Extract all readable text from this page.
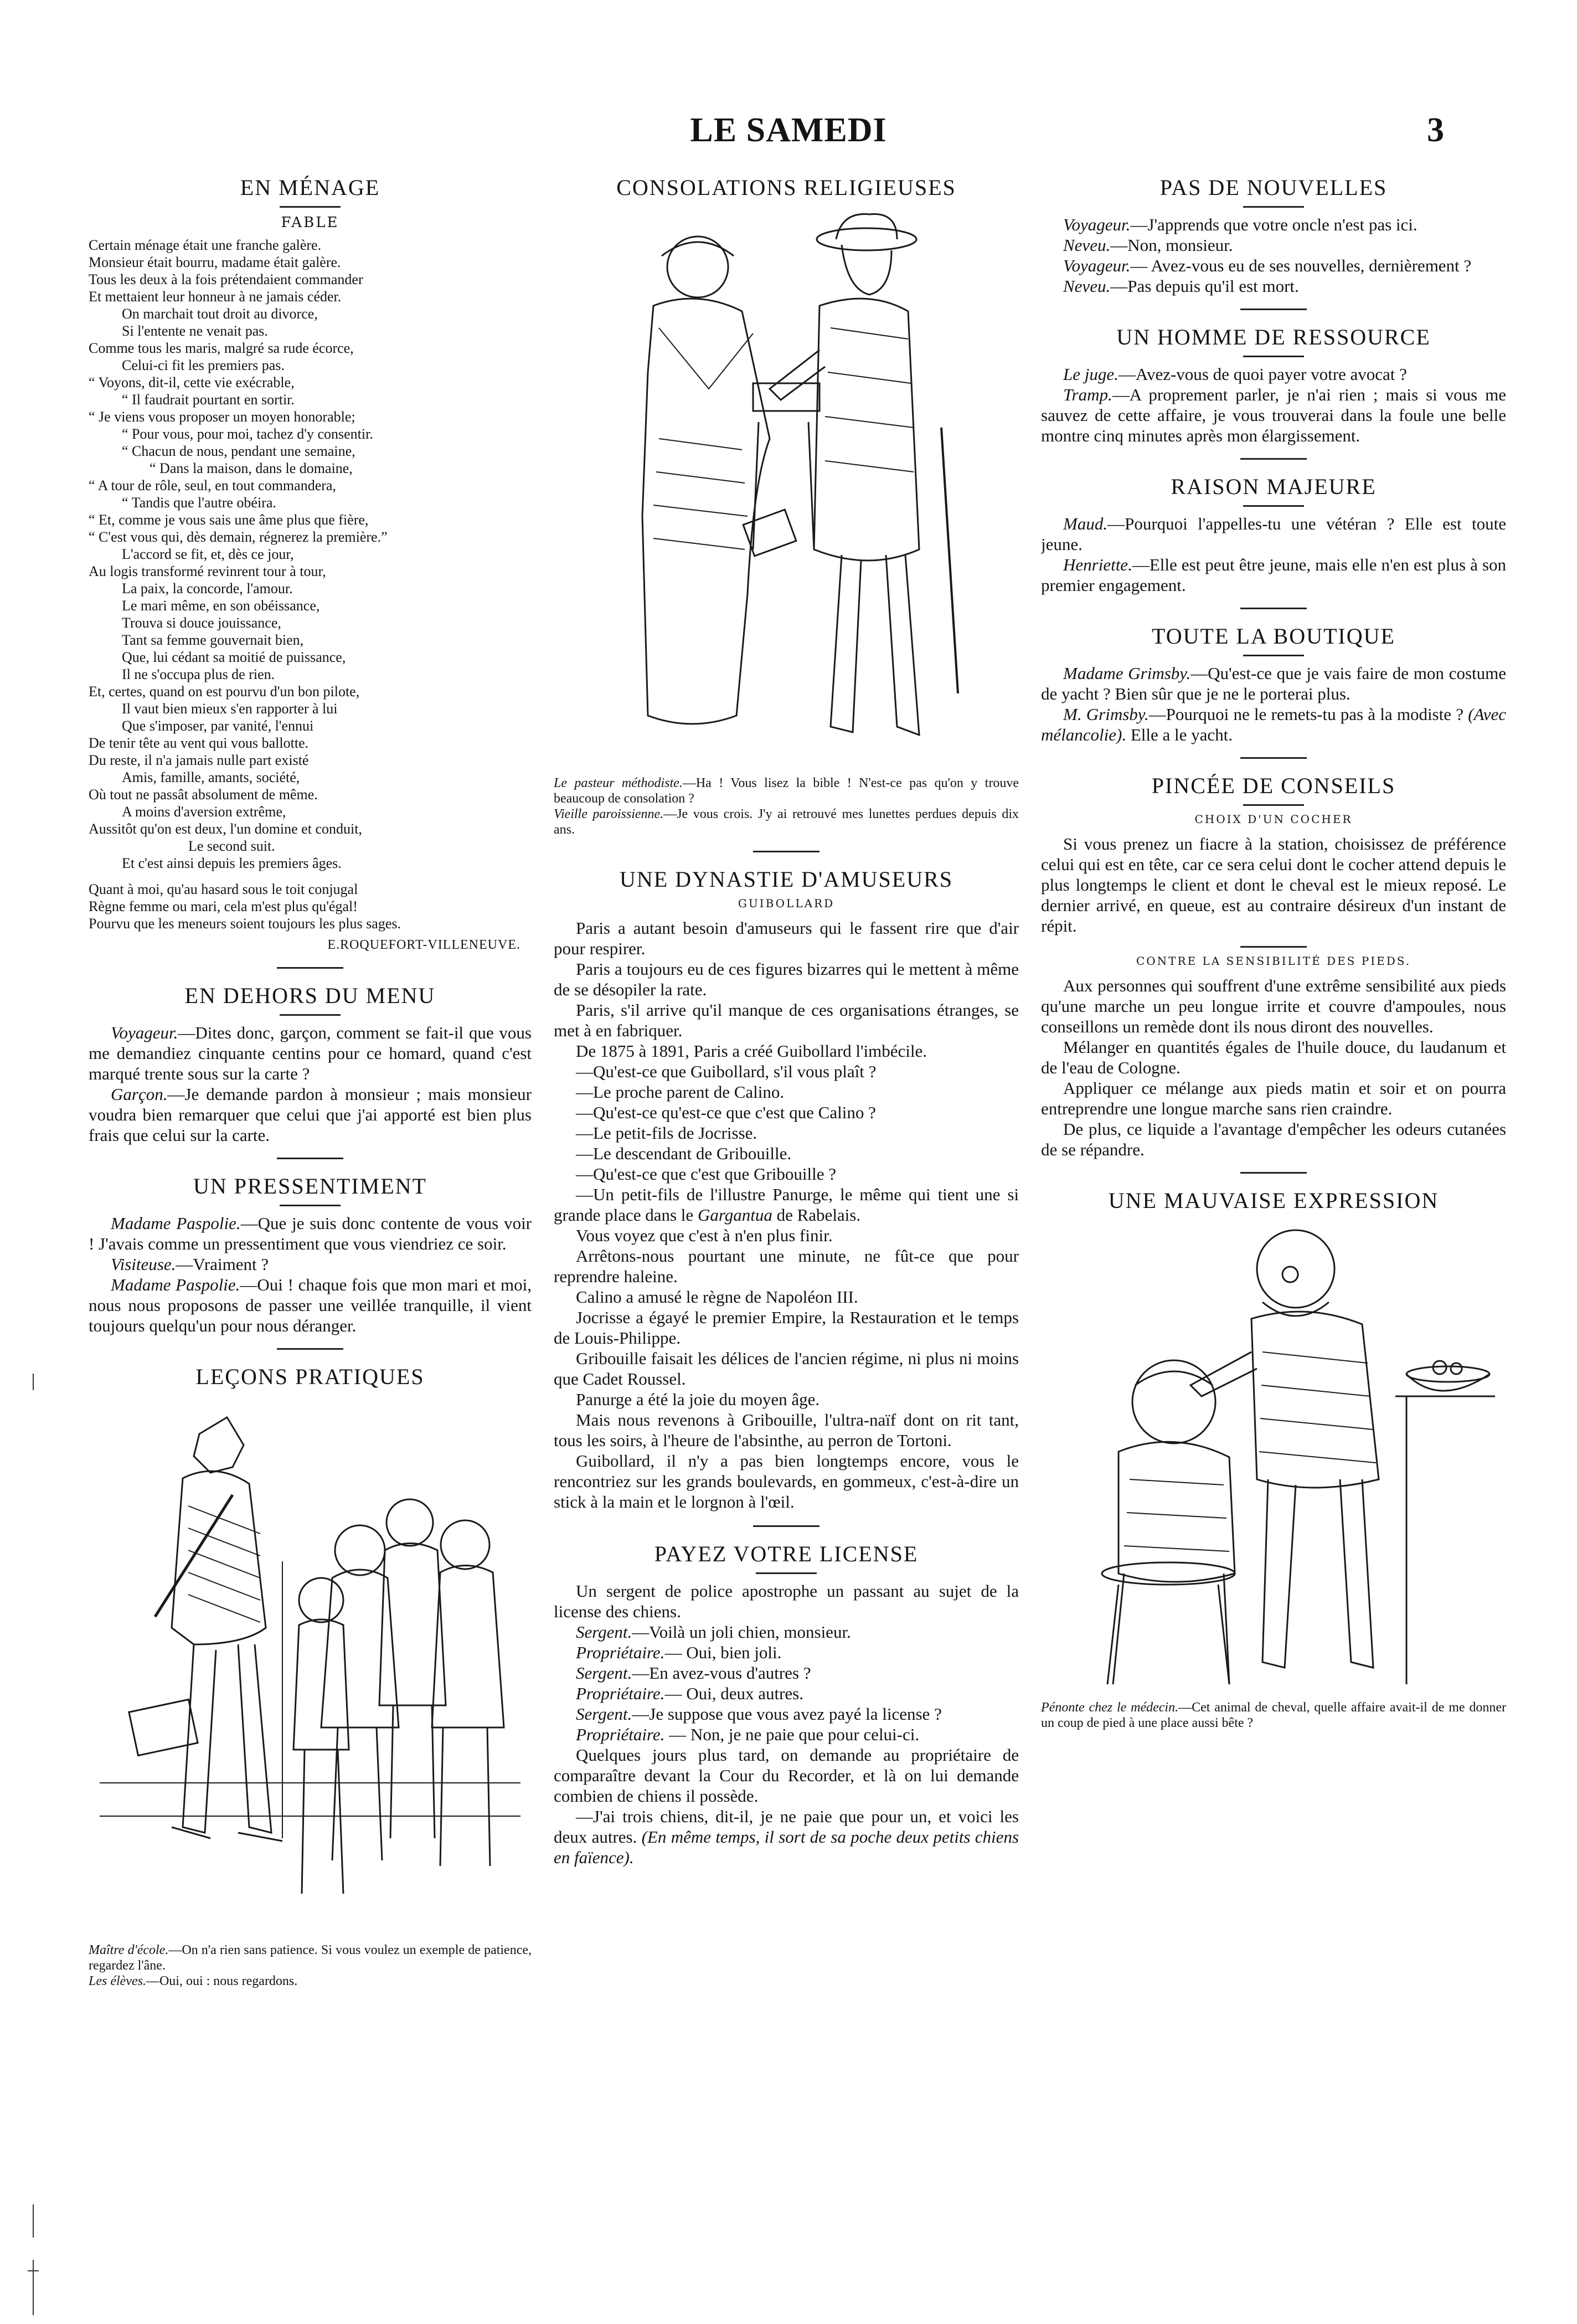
LE SAMEDI	3
EN MÉNAGE
FABLE
Certain ménage était une franche galère.
Monsieur était bourru, madame était galère.
Tous les deux à la fois prétendaient commander
Et mettaient leur honneur à ne jamais céder.
On marchait tout droit au divorce,
Si l'entente ne venait pas.
Comme tous les maris, malgré sa rude écorce,
Celui-ci fit les premiers pas.
“ Voyons, dit-il, cette vie exécrable,
“ Il faudrait pourtant en sortir.
“ Je viens vous proposer un moyen honorable;
“ Pour vous, pour moi, tachez d'y consentir.
“ Chacun de nous, pendant une semaine,
“ Dans la maison, dans le domaine,
“ A tour de rôle, seul, en tout commandera,
“ Tandis que l'autre obéira.
“ Et, comme je vous sais une âme plus que fière,
“ C'est vous qui, dès demain, régnerez la première.”
L'accord se fit, et, dès ce jour,
Au logis transformé revinrent tour à tour,
La paix, la concorde, l'amour.
Le mari même, en son obéissance,
Trouva si douce jouissance,
Tant sa femme gouvernait bien,
Que, lui cédant sa moitié de puissance,
Il ne s'occupa plus de rien.
Et, certes, quand on est pourvu d'un bon pilote,
Il vaut bien mieux s'en rapporter à lui
Que s'imposer, par vanité, l'ennui
De tenir tête au vent qui vous ballotte.
Du reste, il n'a jamais nulle part existé
Amis, famille, amants, société,
Où tout ne passât absolument de même.
A moins d'aversion extrême,
Aussitôt qu'on est deux, l'un domine et conduit,
Le second suit.
Et c'est ainsi depuis les premiers âges.
Quant à moi, qu'au hasard sous le toit conjugal
Règne femme ou mari, cela m'est plus qu'égal!
Pourvu que les meneurs soient toujours les plus sages.
E.ROQUEFORT-VILLENEUVE.
EN DEHORS DU MENU

Voyageur.—Dites donc, garçon, comment se fait-il que vous me demandiez cinquante centins pour ce homard, quand c'est marqué trente sous sur la carte ?

Garçon.—Je demande pardon à monsieur ; mais monsieur voudra bien remarquer que celui que j'ai apporté est bien plus frais que celui sur la carte.

UN PRESSENTIMENT

Madame Paspolie.—Que je suis donc contente de vous voir ! J'avais comme un pressentiment que vous viendriez ce soir.

Visiteuse.—Vraiment ?

Madame Paspolie.—Oui ! chaque fois que mon mari et moi, nous nous proposons de passer une veillée tranquille, il vient toujours quelqu'un pour nous déranger.

LEÇONS PRATIQUES

Maître d'école.—On n'a rien sans patience. Si vous voulez un exemple de patience, regardez l'âne.
Les élèves.—Oui, oui : nous regardons.

CONSOLATIONS RELIGIEUSES

Le pasteur méthodiste.—Ha ! Vous lisez la bible ! N'est-ce pas qu'on y trouve beaucoup de consolation ?
Vieille paroissienne.—Je vous crois. J'y ai retrouvé mes lunettes perdues depuis dix ans.

UNE DYNASTIE D'AMUSEURS
GUIBOLLARD

Paris a autant besoin d'amuseurs qui le fassent rire que d'air pour respirer.

Paris a toujours eu de ces figures bizarres qui le mettent à même de se désopiler la rate.

Paris, s'il arrive qu'il manque de ces organisations étranges, se met à en fabriquer.

De 1875 à 1891, Paris a créé Guibollard l'imbécile.

—Qu'est-ce que Guibollard, s'il vous plaît ?

—Le proche parent de Calino.

—Qu'est-ce qu'est-ce que c'est que Calino ?

—Le petit-fils de Jocrisse.

—Le descendant de Gribouille.

—Qu'est-ce que c'est que Gribouille ?

—Un petit-fils de l'illustre Panurge, le même qui tient une si grande place dans le Gargantua de Rabelais.

Vous voyez que c'est à n'en plus finir.

Arrêtons-nous pourtant une minute, ne fût-ce que pour reprendre haleine.

Calino a amusé le règne de Napoléon III.

Jocrisse a égayé le premier Empire, la Restauration et le temps de Louis-Philippe.

Gribouille faisait les délices de l'ancien régime, ni plus ni moins que Cadet Roussel.

Panurge a été la joie du moyen âge.

Mais nous revenons à Gribouille, l'ultra-naïf dont on rit tant, tous les soirs, à l'heure de l'absinthe, au perron de Tortoni.

Guibollard, il n'y a pas bien longtemps encore, vous le rencontriez sur les grands boulevards, en gommeux, c'est-à-dire un stick à la main et le lorgnon à l'œil.

PAYEZ VOTRE LICENSE

Un sergent de police apostrophe un passant au sujet de la license des chiens.

Sergent.—Voilà un joli chien, monsieur.

Propriétaire.— Oui, bien joli.

Sergent.—En avez-vous d'autres ?

Propriétaire.— Oui, deux autres.

Sergent.—Je suppose que vous avez payé la license ?

Propriétaire. — Non, je ne paie que pour celui-ci.

Quelques jours plus tard, on demande au propriétaire de comparaître devant la Cour du Recorder, et là on lui demande combien de chiens il possède.

—J'ai trois chiens, dit-il, je ne paie que pour un, et voici les deux autres. (En même temps, il sort de sa poche deux petits chiens en faïence).

PAS DE NOUVELLES

Voyageur.—J'apprends que votre oncle n'est pas ici.

Neveu.—Non, monsieur.

Voyageur.— Avez-vous eu de ses nouvelles, dernièrement ?

Neveu.—Pas depuis qu'il est mort.

UN HOMME DE RESSOURCE

Le juge.—Avez-vous de quoi payer votre avocat ?

Tramp.—A proprement parler, je n'ai rien ; mais si vous me sauvez de cette affaire, je vous trouverai dans la foule une belle montre cinq minutes après mon élargissement.

RAISON MAJEURE

Maud.—Pourquoi l'appelles-tu une vétéran ? Elle est toute jeune.

Henriette.—Elle est peut être jeune, mais elle n'en est plus à son premier engagement.

TOUTE LA BOUTIQUE

Madame Grimsby.—Qu'est-ce que je vais faire de mon costume de yacht ? Bien sûr que je ne le porterai plus.

M. Grimsby.—Pourquoi ne le remets-tu pas à la modiste ? (Avec mélancolie). Elle a le yacht.

PINCÉE DE CONSEILS
CHOIX D'UN COCHER

Si vous prenez un fiacre à la station, choisissez de préférence celui qui est en tête, car ce sera celui dont le cocher attend depuis le plus longtemps le client et dont le cheval est le mieux reposé. Le dernier arrivé, en queue, est au contraire désireux d'un instant de répit.

CONTRE LA SENSIBILITÉ DES PIEDS.

Aux personnes qui souffrent d'une extrême sensibilité aux pieds qu'une marche un peu longue irrite et couvre d'ampoules, nous conseillons un remède dont ils nous diront des nouvelles.

Mélanger en quantités égales de l'huile douce, du laudanum et de l'eau de Cologne.

Appliquer ce mélange aux pieds matin et soir et on pourra entreprendre une longue marche sans rien craindre.

De plus, ce liquide a l'avantage d'empêcher les odeurs cutanées de se répandre.

UNE MAUVAISE EXPRESSION

Pénonte chez le médecin.—Cet animal de cheval, quelle affaire avait-il de me donner un coup de pied à une place aussi bête ?
